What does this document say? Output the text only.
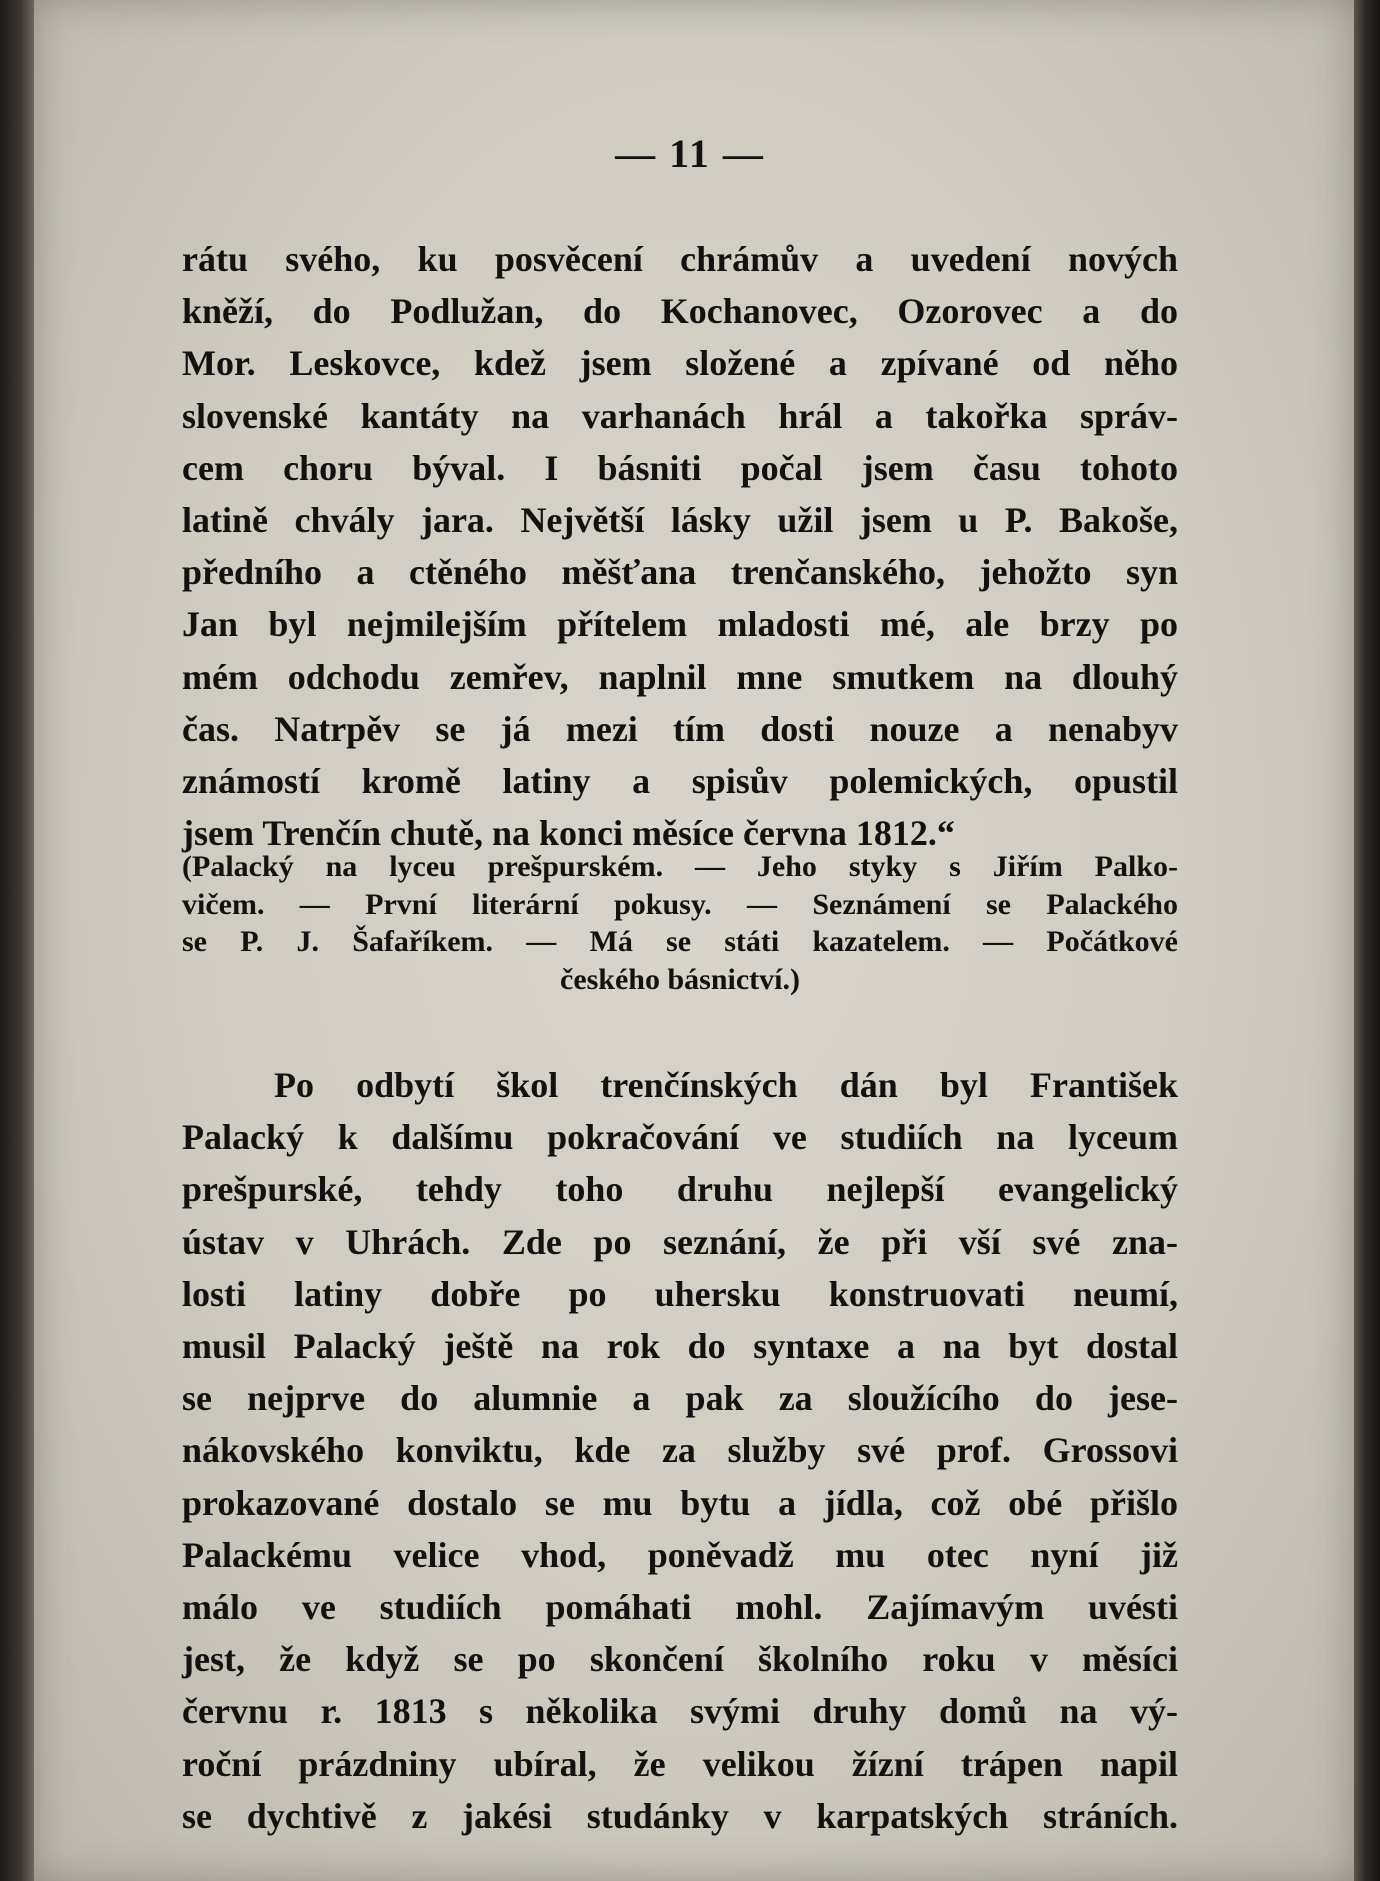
— 11 —
rátu svého, ku posvěcení chrámův a uvedení nových
kněží, do Podlužan, do Kochanovec, Ozorovec a do
Mor. Leskovce, kdež jsem složené a zpívané od něho
slovenské kantáty na varhanách hrál a takořka správ-
cem choru býval. I básniti počal jsem času tohoto
latině chvály jara. Největší lásky užil jsem u P. Bakoše,
předního a ctěného měšťana trenčanského, jehožto syn
Jan byl nejmilejším přítelem mladosti mé, ale brzy po
mém odchodu zemřev, naplnil mne smutkem na dlouhý
čas. Natrpěv se já mezi tím dosti nouze a nenabyv
známostí kromě latiny a spisův polemických, opustil
jsem Trenčín chutě, na konci měsíce června 1812.“
(Palacký na lyceu prešpurském. — Jeho styky s Jiřím Palko-
vičem. — První literární pokusy. — Seznámení se Palackého
se P. J. Šafaříkem. — Má se státi kazatelem. — Počátkové
českého básnictví.)
Po odbytí škol trenčínských dán byl František
Palacký k dalšímu pokračování ve studiích na lyceum
prešpurské, tehdy toho druhu nejlepší evangelický
ústav v Uhrách. Zde po seznání, že při vší své zna-
losti latiny dobře po uhersku konstruovati neumí,
musil Palacký ještě na rok do syntaxe a na byt dostal
se nejprve do alumnie a pak za sloužícího do jese-
nákovského konviktu, kde za služby své prof. Grossovi
prokazované dostalo se mu bytu a jídla, což obé přišlo
Palackému velice vhod, poněvadž mu otec nyní již
málo ve studiích pomáhati mohl. Zajímavým uvésti
jest, že když se po skončení školního roku v měsíci
červnu r. 1813 s několika svými druhy domů na vý-
roční prázdniny ubíral, že velikou žízní trápen napil
se dychtivě z jakési studánky v karpatských stráních.
